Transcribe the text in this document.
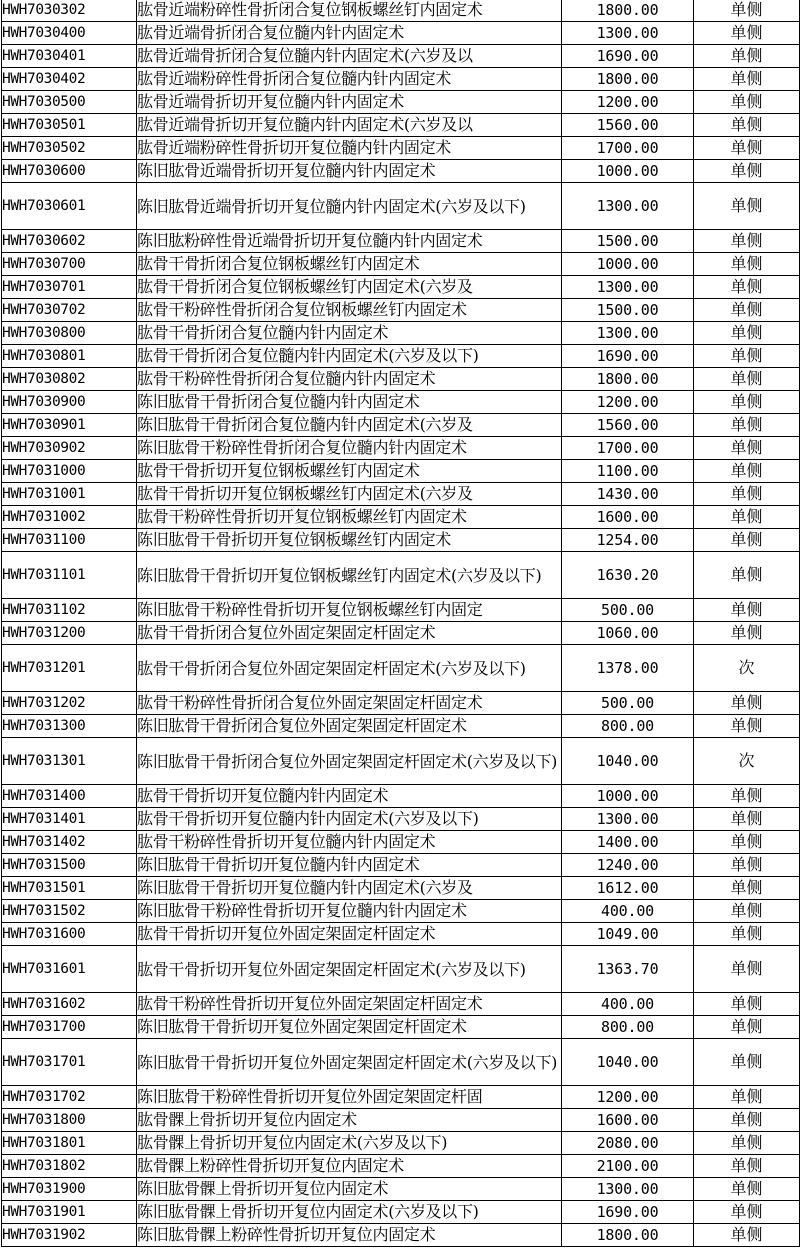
HWH7030302	肱骨近端粉碎性骨折闭合复位钢板螺丝钉内固定术	1800.00	单侧
HWH7030400	肱骨近端骨折闭合复位髓内针内固定术	1300.00	单侧
HWH7030401	肱骨近端骨折闭合复位髓内针内固定术(六岁及以	1690.00	单侧
HWH7030402	肱骨近端粉碎性骨折闭合复位髓内针内固定术	1800.00	单侧
HWH7030500	肱骨近端骨折切开复位髓内针内固定术	1200.00	单侧
HWH7030501	肱骨近端骨折切开复位髓内针内固定术(六岁及以	1560.00	单侧
HWH7030502	肱骨近端粉碎性骨折切开复位髓内针内固定术	1700.00	单侧
HWH7030600	陈旧肱骨近端骨折切开复位髓内针内固定术	1000.00	单侧
HWH7030601	陈旧肱骨近端骨折切开复位髓内针内固定术(六岁及以下)	1300.00	单侧
HWH7030602	陈旧肱粉碎性骨近端骨折切开复位髓内针内固定术	1500.00	单侧
HWH7030700	肱骨干骨折闭合复位钢板螺丝钉内固定术	1000.00	单侧
HWH7030701	肱骨干骨折闭合复位钢板螺丝钉内固定术(六岁及	1300.00	单侧
HWH7030702	肱骨干粉碎性骨折闭合复位钢板螺丝钉内固定术	1500.00	单侧
HWH7030800	肱骨干骨折闭合复位髓内针内固定术	1300.00	单侧
HWH7030801	肱骨干骨折闭合复位髓内针内固定术(六岁及以下)	1690.00	单侧
HWH7030802	肱骨干粉碎性骨折闭合复位髓内针内固定术	1800.00	单侧
HWH7030900	陈旧肱骨干骨折闭合复位髓内针内固定术	1200.00	单侧
HWH7030901	陈旧肱骨干骨折闭合复位髓内针内固定术(六岁及	1560.00	单侧
HWH7030902	陈旧肱骨干粉碎性骨折闭合复位髓内针内固定术	1700.00	单侧
HWH7031000	肱骨干骨折切开复位钢板螺丝钉内固定术	1100.00	单侧
HWH7031001	肱骨干骨折切开复位钢板螺丝钉内固定术(六岁及	1430.00	单侧
HWH7031002	肱骨干粉碎性骨折切开复位钢板螺丝钉内固定术	1600.00	单侧
HWH7031100	陈旧肱骨干骨折切开复位钢板螺丝钉内固定术	1254.00	单侧
HWH7031101	陈旧肱骨干骨折切开复位钢板螺丝钉内固定术(六岁及以下)	1630.20	单侧
HWH7031102	陈旧肱骨干粉碎性骨折切开复位钢板螺丝钉内固定	500.00	单侧
HWH7031200	肱骨干骨折闭合复位外固定架固定杆固定术	1060.00	单侧
HWH7031201	肱骨干骨折闭合复位外固定架固定杆固定术(六岁及以下)	1378.00	次
HWH7031202	肱骨干粉碎性骨折闭合复位外固定架固定杆固定术	500.00	单侧
HWH7031300	陈旧肱骨干骨折闭合复位外固定架固定杆固定术	800.00	单侧
HWH7031301	陈旧肱骨干骨折闭合复位外固定架固定杆固定术(六岁及以下)	1040.00	次
HWH7031400	肱骨干骨折切开复位髓内针内固定术	1000.00	单侧
HWH7031401	肱骨干骨折切开复位髓内针内固定术(六岁及以下)	1300.00	单侧
HWH7031402	肱骨干粉碎性骨折切开复位髓内针内固定术	1400.00	单侧
HWH7031500	陈旧肱骨干骨折切开复位髓内针内固定术	1240.00	单侧
HWH7031501	陈旧肱骨干骨折切开复位髓内针内固定术(六岁及	1612.00	单侧
HWH7031502	陈旧肱骨干粉碎性骨折切开复位髓内针内固定术	400.00	单侧
HWH7031600	肱骨干骨折切开复位外固定架固定杆固定术	1049.00	单侧
HWH7031601	肱骨干骨折切开复位外固定架固定杆固定术(六岁及以下)	1363.70	单侧
HWH7031602	肱骨干粉碎性骨折切开复位外固定架固定杆固定术	400.00	单侧
HWH7031700	陈旧肱骨干骨折切开复位外固定架固定杆固定术	800.00	单侧
HWH7031701	陈旧肱骨干骨折切开复位外固定架固定杆固定术(六岁及以下)	1040.00	单侧
HWH7031702	陈旧肱骨干粉碎性骨折切开复位外固定架固定杆固	1200.00	单侧
HWH7031800	肱骨髁上骨折切开复位内固定术	1600.00	单侧
HWH7031801	肱骨髁上骨折切开复位内固定术(六岁及以下)	2080.00	单侧
HWH7031802	肱骨髁上粉碎性骨折切开复位内固定术	2100.00	单侧
HWH7031900	陈旧肱骨髁上骨折切开复位内固定术	1300.00	单侧
HWH7031901	陈旧肱骨髁上骨折切开复位内固定术(六岁及以下)	1690.00	单侧
HWH7031902	陈旧肱骨髁上粉碎性骨折切开复位内固定术	1800.00	单侧
